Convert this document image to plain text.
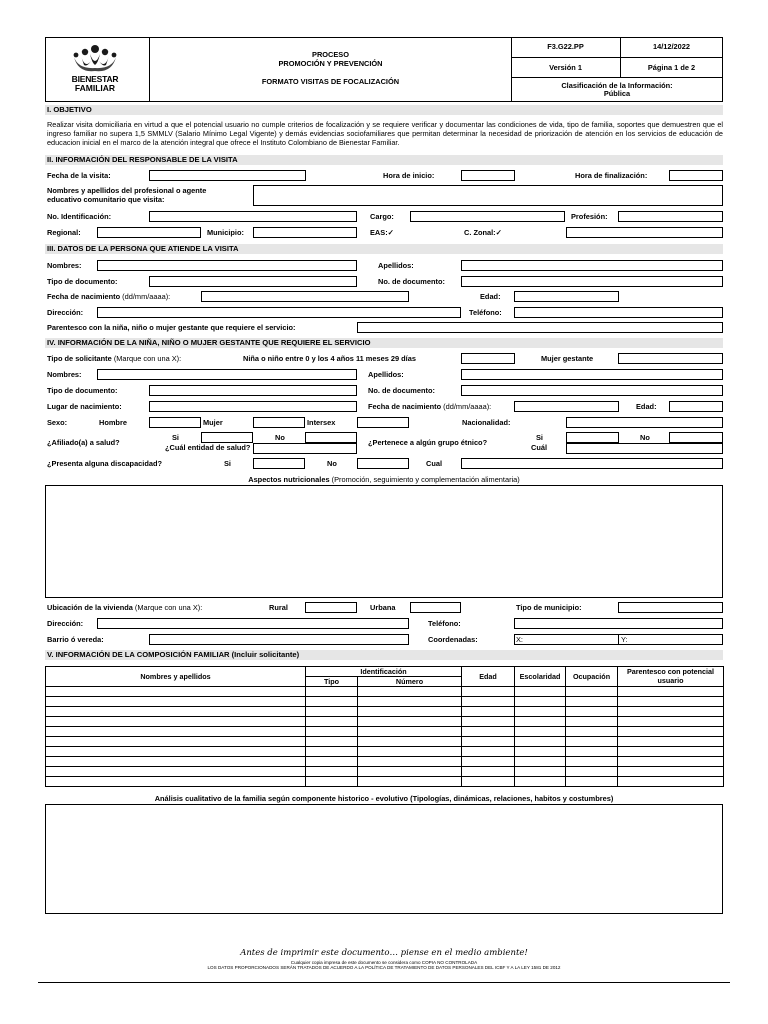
BIENESTAR
FAMILIAR
PROCESO
PROMOCIÓN Y PREVENCIÓN
FORMATO VISITAS DE FOCALIZACIÓN
F3.G22.PP	14/12/2022
Versión 1	Página 1 de 2
Clasificación de la Información:
Pública
I. OBJETIVO
Realizar visita domiciliaria en virtud a que el potencial usuario no cumple criterios de focalización y se requiere verificar y documentar las condiciones de vida, tipo de familia, soportes que demuestren que el ingreso familiar no supera 1,5 SMMLV (Salario Mínimo Legal Vigente) y demás evidencias sociofamiliares que permitan determinar la necesidad de priorización de atención en los servicios de educación de educacion inicial en el marco de la atención integral que ofrece el Instituto Colombiano de Bienestar Familiar.
II. INFORMACIÓN DEL RESPONSABLE DE LA VISITA
Fecha de la visita:	Hora de inicio:	Hora de finalización:
Nombres y apellidos del profesional o agente
educativo comunitario que visita:
No. Identificación:	Cargo:	Profesión:
Regional:	Municipio:	EAS:✓	C. Zonal:✓
III. DATOS DE LA PERSONA QUE ATIENDE LA VISITA
Nombres:	Apellidos:
Tipo de documento:	No. de documento:
Fecha de nacimiento (dd/mm/aaaa):	Edad:
Dirección:	Teléfono:
Parentesco con la niña, niño o mujer gestante que requiere el servicio:
IV. INFORMACIÓN DE LA NIÑA, NIÑO O MUJER GESTANTE QUE REQUIERE EL SERVICIO
Tipo de solicitante (Marque con una X):	Niña o niño entre 0 y los 4 años 11 meses 29 días	Mujer gestante
Nombres:	Apellidos:
Tipo de documento:	No. de documento:
Lugar de nacimiento:	Fecha de nacimiento (dd/mm/aaaa):	Edad:
Sexo:	Hombre	Mujer	Intersex	Nacionalidad:
¿Afiliado(a) a salud?
Si	No
¿Cuál entidad de salud?
¿Pertenece a algún grupo étnico?
Si	No
Cuál
¿Presenta alguna discapacidad?	Si	No	Cual
Aspectos nutricionales (Promoción, seguimiento y complementación alimentaria)
Ubicación de la vivienda (Marque con una X):	Rural	Urbana	Tipo de municipio:
Dirección:	Teléfono:
Barrio ó vereda:	Coordenadas:	X:	Y:
V. INFORMACIÓN DE LA COMPOSICIÓN FAMILIAR (Incluir solicitante)
Nombres y apellidos	Identificación		Edad	Escolaridad	Ocupación	Parentesco con potencial usuario
	Tipo	Número				

Análisis cualitativo de la familia según componente historico - evolutivo (Tipologías, dinámicas, relaciones, habitos y costumbres)
Antes de imprimir este documento… piense en el medio ambiente!
Cualquier copia impresa de este documento se considera como COPIA NO CONTROLADA
LOS DATOS PROPORCIONADOS SERÁN TRATADOS DE ACUERDO A LA POLÍTICA DE TRATAMIENTO DE DATOS PERSONALES DEL ICBF Y A LA LEY 1581 DE 2012
